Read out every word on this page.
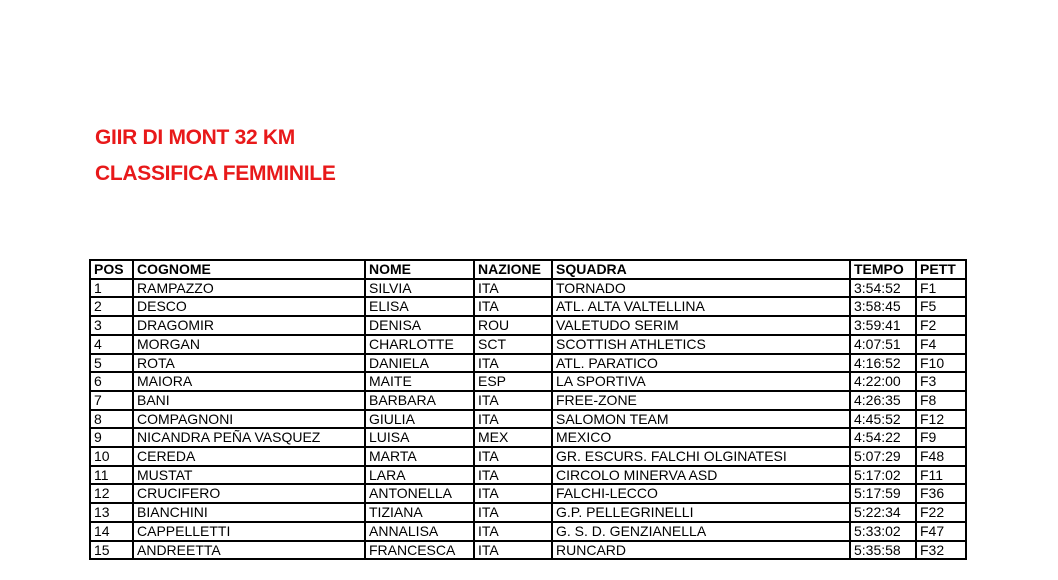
GIIR DI MONT 32 KM
CLASSIFICA FEMMINILE
POS	COGNOME	NOME	NAZIONE	SQUADRA	TEMPO	PETT
1	RAMPAZZO	SILVIA	ITA	TORNADO	3:54:52	F1
2	DESCO	ELISA	ITA	ATL. ALTA VALTELLINA	3:58:45	F5
3	DRAGOMIR	DENISA	ROU	VALETUDO SERIM	3:59:41	F2
4	MORGAN	CHARLOTTE	SCT	SCOTTISH ATHLETICS	4:07:51	F4
5	ROTA	DANIELA	ITA	ATL. PARATICO	4:16:52	F10
6	MAIORA	MAITE	ESP	LA SPORTIVA	4:22:00	F3
7	BANI	BARBARA	ITA	FREE-ZONE	4:26:35	F8
8	COMPAGNONI	GIULIA	ITA	SALOMON TEAM	4:45:52	F12
9	NICANDRA PEÑA VASQUEZ	LUISA	MEX	MEXICO	4:54:22	F9
10	CEREDA	MARTA	ITA	GR. ESCURS. FALCHI OLGINATESI	5:07:29	F48
11	MUSTAT	LARA	ITA	CIRCOLO MINERVA ASD	5:17:02	F11
12	CRUCIFERO	ANTONELLA	ITA	FALCHI-LECCO	5:17:59	F36
13	BIANCHINI	TIZIANA	ITA	G.P. PELLEGRINELLI	5:22:34	F22
14	CAPPELLETTI	ANNALISA	ITA	G. S. D. GENZIANELLA	5:33:02	F47
15	ANDREETTA	FRANCESCA	ITA	RUNCARD	5:35:58	F32
